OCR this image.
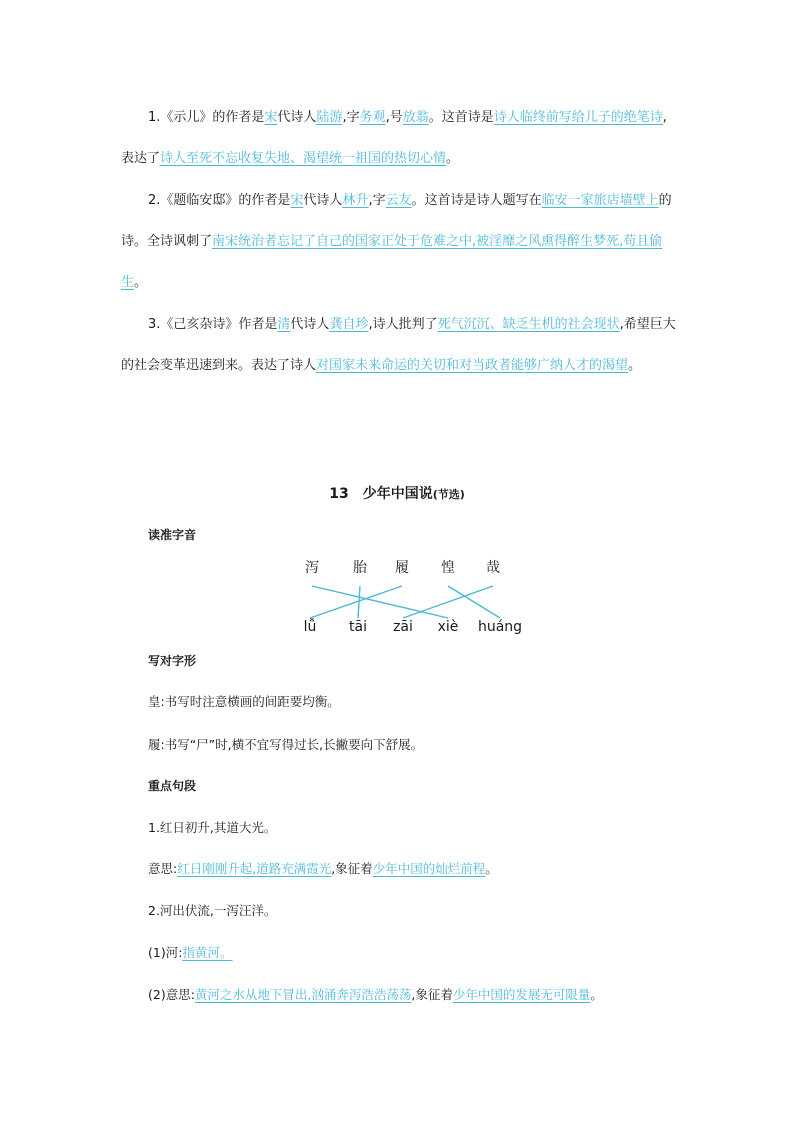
1.《示儿》的作者是宋代诗人陆游,字务观,号放翁。这首诗是诗人临终前写给儿子的绝笔诗,表达了诗人至死不忘收复失地、渴望统一祖国的热切心情。

2.《题临安邸》的作者是宋代诗人林升,字云友。这首诗是诗人题写在临安一家旅店墙壁上的诗。全诗讽刺了南宋统治者忘记了自己的国家正处于危难之中,被淫靡之风熏得醉生梦死,苟且偷生。

3.《己亥杂诗》作者是清代诗人龚自珍,诗人批判了死气沉沉、缺乏生机的社会现状,希望巨大的社会变革迅速到来。表达了诗人对国家未来命运的关切和对当政者能够广纳人才的渴望。

13 少年中国说(节选)
读准字音
泻 胎 履 惶 哉
lǚ tāi zāi xiè huáng
写对字形
皇:书写时注意横画的间距要均衡。
履:书写“尸”时,横不宜写得过长,长撇要向下舒展。
重点句段
1.红日初升,其道大光。
意思:红日刚刚升起,道路充满霞光,象征着少年中国的灿烂前程。
2.河出伏流,一泻汪洋。
(1)河:指黄河。
(2)意思:黄河之水从地下冒出,汹涌奔泻浩浩荡荡,象征着少年中国的发展无可限量。
